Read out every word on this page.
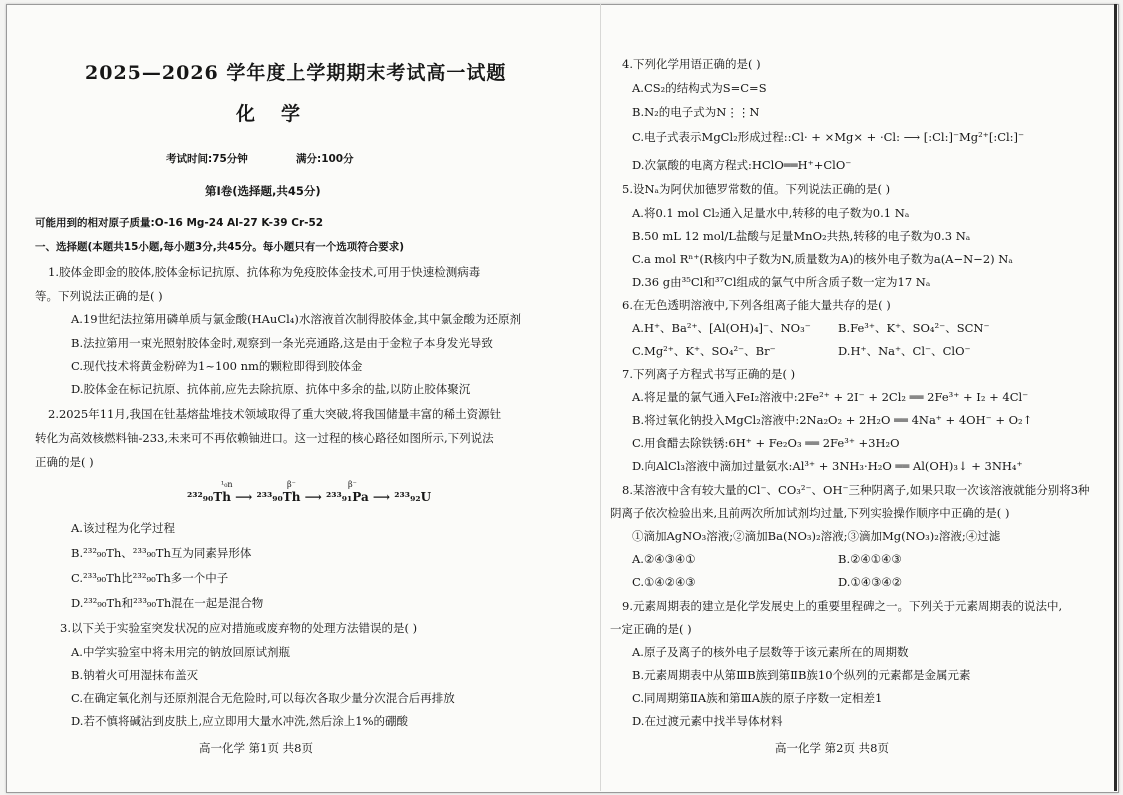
2025—2026 学年度上学期期末考试高一试题
化学
考试时间:75分钟	满分:100分
第Ⅰ卷(选择题,共45分)
可能用到的相对原子质量:O-16 Mg-24 Al-27 K-39 Cr-52
一、选择题(本题共15小题,每小题3分,共45分。每小题只有一个选项符合要求)
1.胶体金即金的胶体,胶体金标记抗原、抗体称为免疫胶体金技术,可用于快速检测病毒
等。下列说法正确的是( )
A.19世纪法拉第用磷单质与氯金酸(HAuCl₄)水溶液首次制得胶体金,其中氯金酸为还原剂
B.法拉第用一束光照射胶体金时,观察到一条光亮通路,这是由于金粒子本身发光导致
C.现代技术将黄金粉碎为1~100 nm的颗粒即得到胶体金
D.胶体金在标记抗原、抗体前,应先去除抗原、抗体中多余的盐,以防止胶体聚沉
2.2025年11月,我国在钍基熔盐堆技术领域取得了重大突破,将我国储量丰富的稀土资源钍
转化为高效核燃料铀-233,未来可不再依赖铀进口。这一过程的核心路径如图所示,下列说法
正确的是( )
¹₀n	β⁻	β⁻
²³²₉₀Th ⟶ ²³³₉₀Th ⟶ ²³³₉₁Pa ⟶ ²³³₉₂U
A.该过程为化学过程
B.²³²₉₀Th、²³³₉₀Th互为同素异形体
C.²³³₉₀Th比²³²₉₀Th多一个中子
D.²³²₉₀Th和²³³₉₀Th混在一起是混合物
3.以下关于实验室突发状况的应对措施或废弃物的处理方法错误的是( )
A.中学实验室中将未用完的钠放回原试剂瓶
B.钠着火可用湿抹布盖灭
C.在确定氧化剂与还原剂混合无危险时,可以每次各取少量分次混合后再排放
D.若不慎将碱沾到皮肤上,应立即用大量水冲洗,然后涂上1%的硼酸
高一化学 第1页 共8页
4.下列化学用语正确的是( )
A.CS₂的结构式为S=C=S
B.N₂的电子式为N⋮⋮N
C.电子式表示MgCl₂形成过程::Cl· + ×Mg× + ·Cl: ⟶ [:Cl:]⁻Mg²⁺[:Cl:]⁻
D.次氯酸的电离方程式:HClO══H⁺+ClO⁻
5.设Nₐ为阿伏加德罗常数的值。下列说法正确的是( )
A.将0.1 mol Cl₂通入足量水中,转移的电子数为0.1 Nₐ
B.50 mL 12 mol/L盐酸与足量MnO₂共热,转移的电子数为0.3 Nₐ
C.a mol Rⁿ⁺(R核内中子数为N,质量数为A)的核外电子数为a(A−N−2) Nₐ
D.36 g由³⁵Cl和³⁷Cl组成的氯气中所含质子数一定为17 Nₐ
6.在无色透明溶液中,下列各组离子能大量共存的是( )
A.H⁺、Ba²⁺、[Al(OH)₄]⁻、NO₃⁻ B.Fe³⁺、K⁺、SO₄²⁻、SCN⁻
C.Mg²⁺、K⁺、SO₄²⁻、Br⁻	D.H⁺、Na⁺、Cl⁻、ClO⁻
7.下列离子方程式书写正确的是( )
A.将足量的氯气通入FeI₂溶液中:2Fe²⁺ + 2I⁻ + 2Cl₂ ══ 2Fe³⁺ + I₂ + 4Cl⁻
B.将过氧化钠投入MgCl₂溶液中:2Na₂O₂ + 2H₂O ══ 4Na⁺ + 4OH⁻ + O₂↑
C.用食醋去除铁锈:6H⁺ + Fe₂O₃ ══ 2Fe³⁺ +3H₂O
D.向AlCl₃溶液中滴加过量氨水:Al³⁺ + 3NH₃·H₂O ══ Al(OH)₃↓ + 3NH₄⁺
8.某溶液中含有较大量的Cl⁻、CO₃²⁻、OH⁻三种阴离子,如果只取一次该溶液就能分别将3种
阴离子依次检验出来,且前两次所加试剂均过量,下列实验操作顺序中正确的是( )
①滴加AgNO₃溶液;②滴加Ba(NO₃)₂溶液;③滴加Mg(NO₃)₂溶液;④过滤
A.②④③④①	B.②④①④③
C.①④②④③	D.①④③④②
9.元素周期表的建立是化学发展史上的重要里程碑之一。下列关于元素周期表的说法中,
一定正确的是( )
A.原子及离子的核外电子层数等于该元素所在的周期数
B.元素周期表中从第ⅢB族到第ⅡB族10个纵列的元素都是金属元素
C.同周期第ⅡA族和第ⅢA族的原子序数一定相差1
D.在过渡元素中找半导体材料
高一化学 第2页 共8页
